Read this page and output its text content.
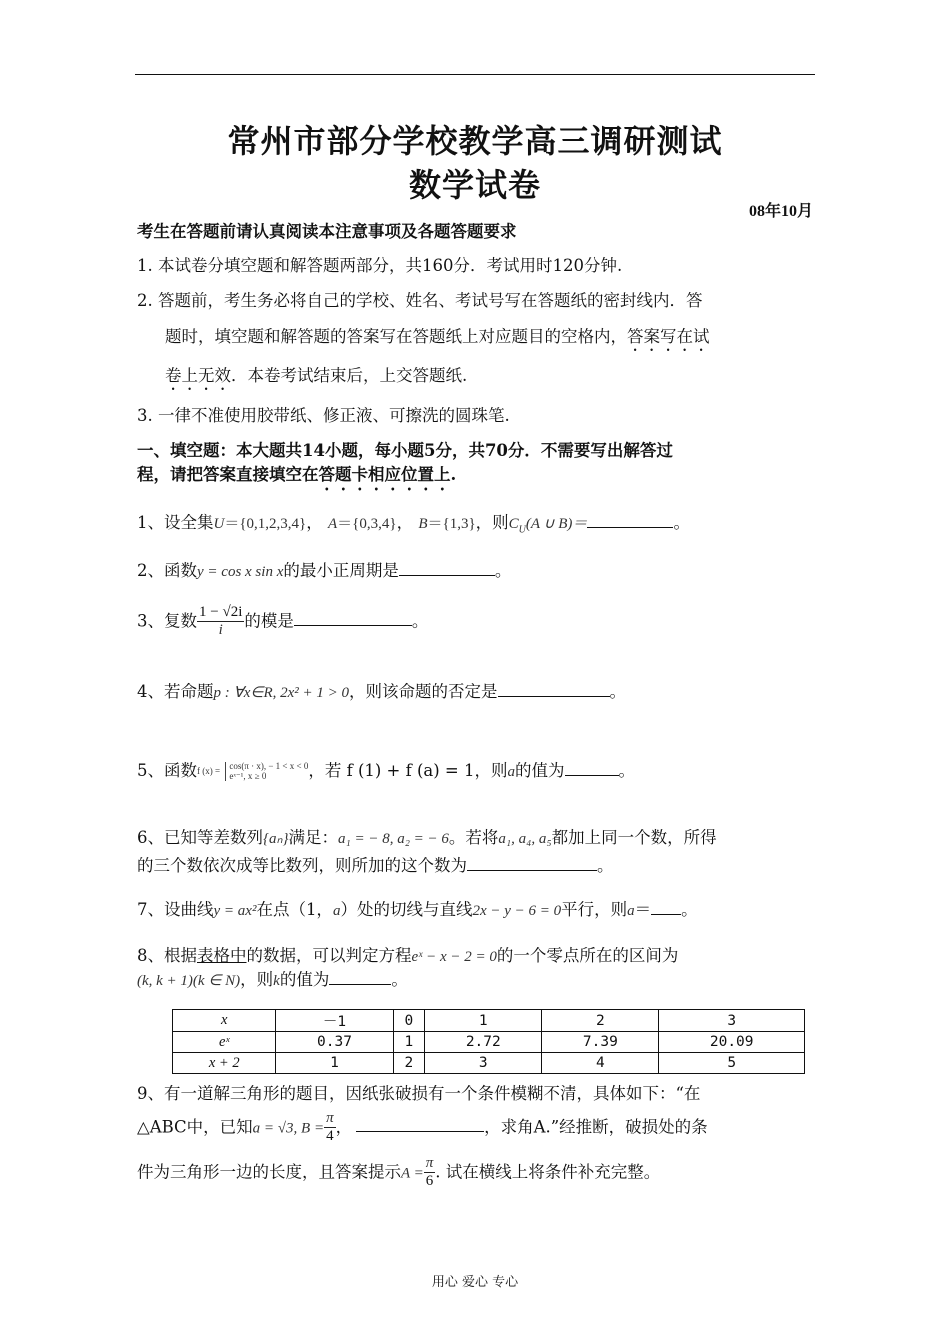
常州市部分学校教学高三调研测试
数学试卷
08年10月
考生在答题前请认真阅读本注意事项及各题答题要求
1. 本试卷分填空题和解答题两部分，共160分．考试用时120分钟.
2. 答题前，考生务必将自己的学校、姓名、考试号写在答题纸的密封线内．答
题时，填空题和解答题的答案写在答题纸上对应题目的空格内，答案写在试
卷上无效．本卷考试结束后，上交答题纸.
3. 一律不准使用胶带纸、修正液、可擦洗的圆珠笔.
一、填空题：本大题共14小题，每小题5分，共70分．不需要写出解答过
程，请把答案直接填空在答题卡相应位置上.
1、设全集U＝{0,1,2,3,4}， A＝{0,3,4}， B＝{1,3}，则$C_U(A$ ∪ B)＝	。
2、函数y = cos x sin x的最小正周期是	。
3、复数 $\frac{1 - √2i}{i}$ 的模是	。
4、若命题p : ∀x∈R, 2x² + 1 > 0，则该命题的否定是	。
5、函数f (x) = cos(π · x), − 1 < x < 0
eˣ⁻¹, x ≥ 0	，若 f (1) + f (a) = 1，则a的值为	。
6、已知等差数列{aₙ}满足：a₁ = − 8, a₂ = − 6。若将a₁, a₄, a₅都加上同一个数，所得
的三个数依次成等比数列，则所加的这个数为	。
7、设曲线y = ax²在点（1，a）处的切线与直线2x − y − 6 = 0平行，则a＝ 。
8、根据表格中的数据，可以判定方程eˣ − x − 2 = 0的一个零点所在的区间为
(k, k + 1)(k ∈ N)，则k的值为	。
x	－1	0	1	2	3
eˣ	0.37	1	2.72	7.39	20.09
x + 2	1	2	3	4	5
9、有一道解三角形的题目，因纸张破损有一个条件模糊不清，具体如下：“在
△ABC中，已知a = √3, $B = \frac{\pi}{4}$ ，	，求角A.”经推断，破损处的条
件为三角形一边的长度，且答案提示$A = \frac{\pi}{6}$ . 试在横线上将条件补充完整。
用心 爱心 专心
